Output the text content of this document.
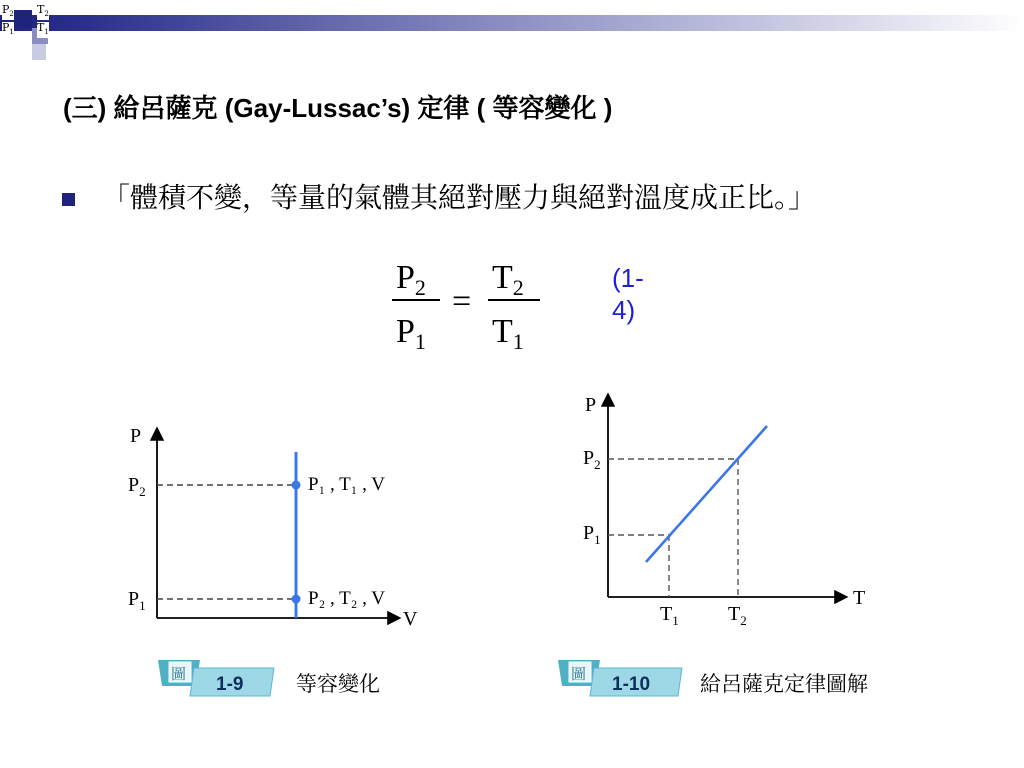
$P_2$
$P_1$
$T_2$
$T_1$
(三) 給呂薩克 (Gay-Lussac’s) 定律 ( 等容變化 )
「體積不變，等量的氣體其絕對壓力與絕對溫度成正比。」
$P_2$
$P_1$
=
$T_2$
$T_1$
(1-4)
P
V
$P_2$
$P_1$
P₁ , T₁ , V
P₂ , T₂ , V
圖 1-9	等容變化
P
T
$P_2$
$P_1$
$T_1$ $T_2$
圖 1-10 給呂薩克定律圖解
